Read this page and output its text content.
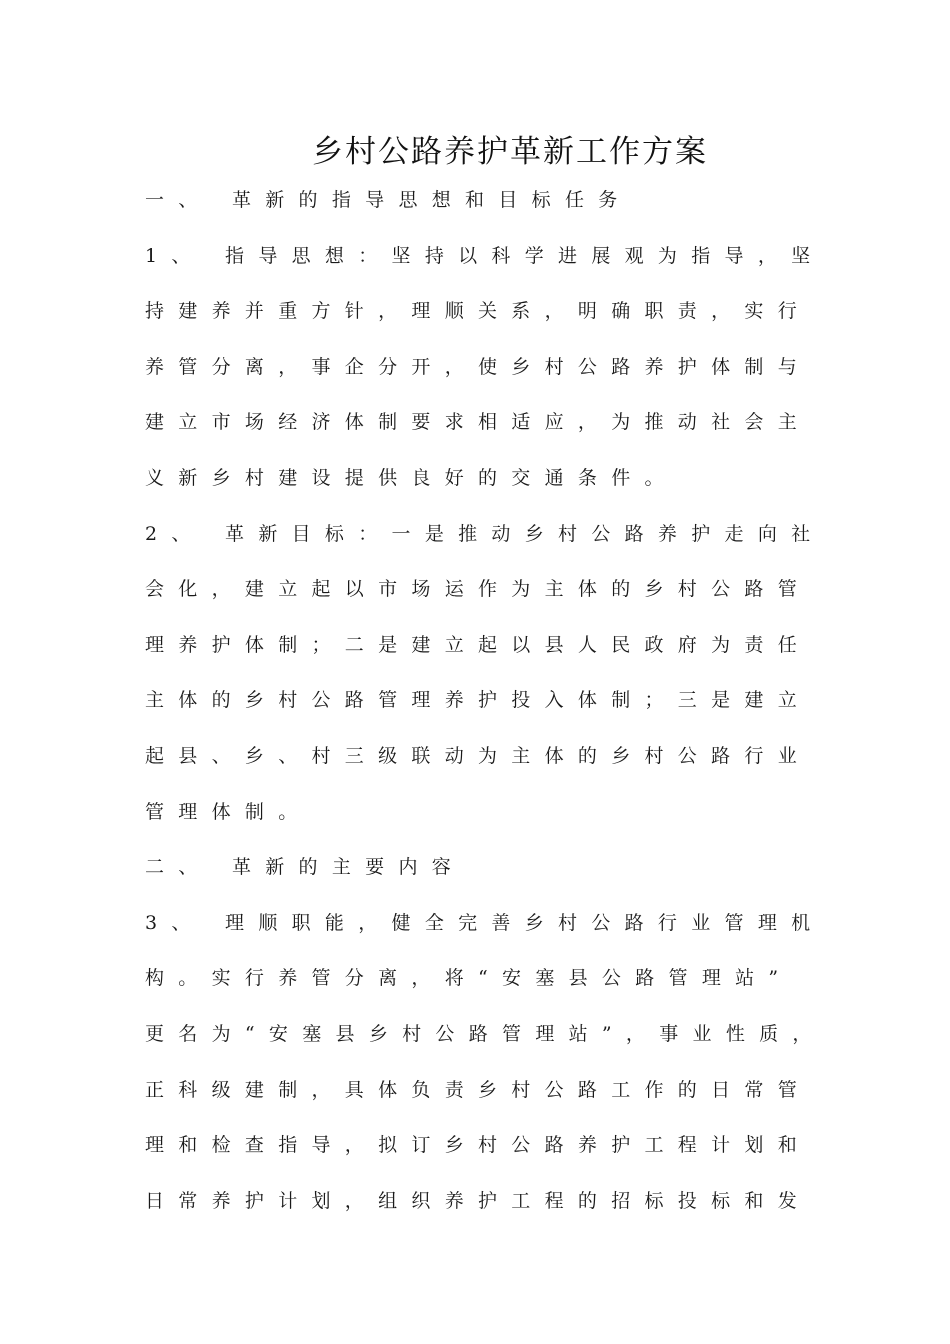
乡村公路养护革新工作方案
一、 革新的指导思想和目标任务
1、 指导思想：坚持以科学进展观为指导，坚
持建养并重方针，理顺关系，明确职责，实行
养管分离，事企分开，使乡村公路养护体制与
建立市场经济体制要求相适应，为推动社会主
义新乡村建设提供良好的交通条件。
2、 革新目标：一是推动乡村公路养护走向社
会化，建立起以市场运作为主体的乡村公路管
理养护体制；二是建立起以县人民政府为责任
主体的乡村公路管理养护投入体制；三是建立
起县、乡、村三级联动为主体的乡村公路行业
管理体制。
二、 革新的主要内容
3、 理顺职能，健全完善乡村公路行业管理机
构。实行养管分离，将“安塞县公路管理站”
更名为“安塞县乡村公路管理站”，事业性质，
正科级建制，具体负责乡村公路工作的日常管
理和检查指导，拟订乡村公路养护工程计划和
日常养护计划，组织养护工程的招标投标和发
